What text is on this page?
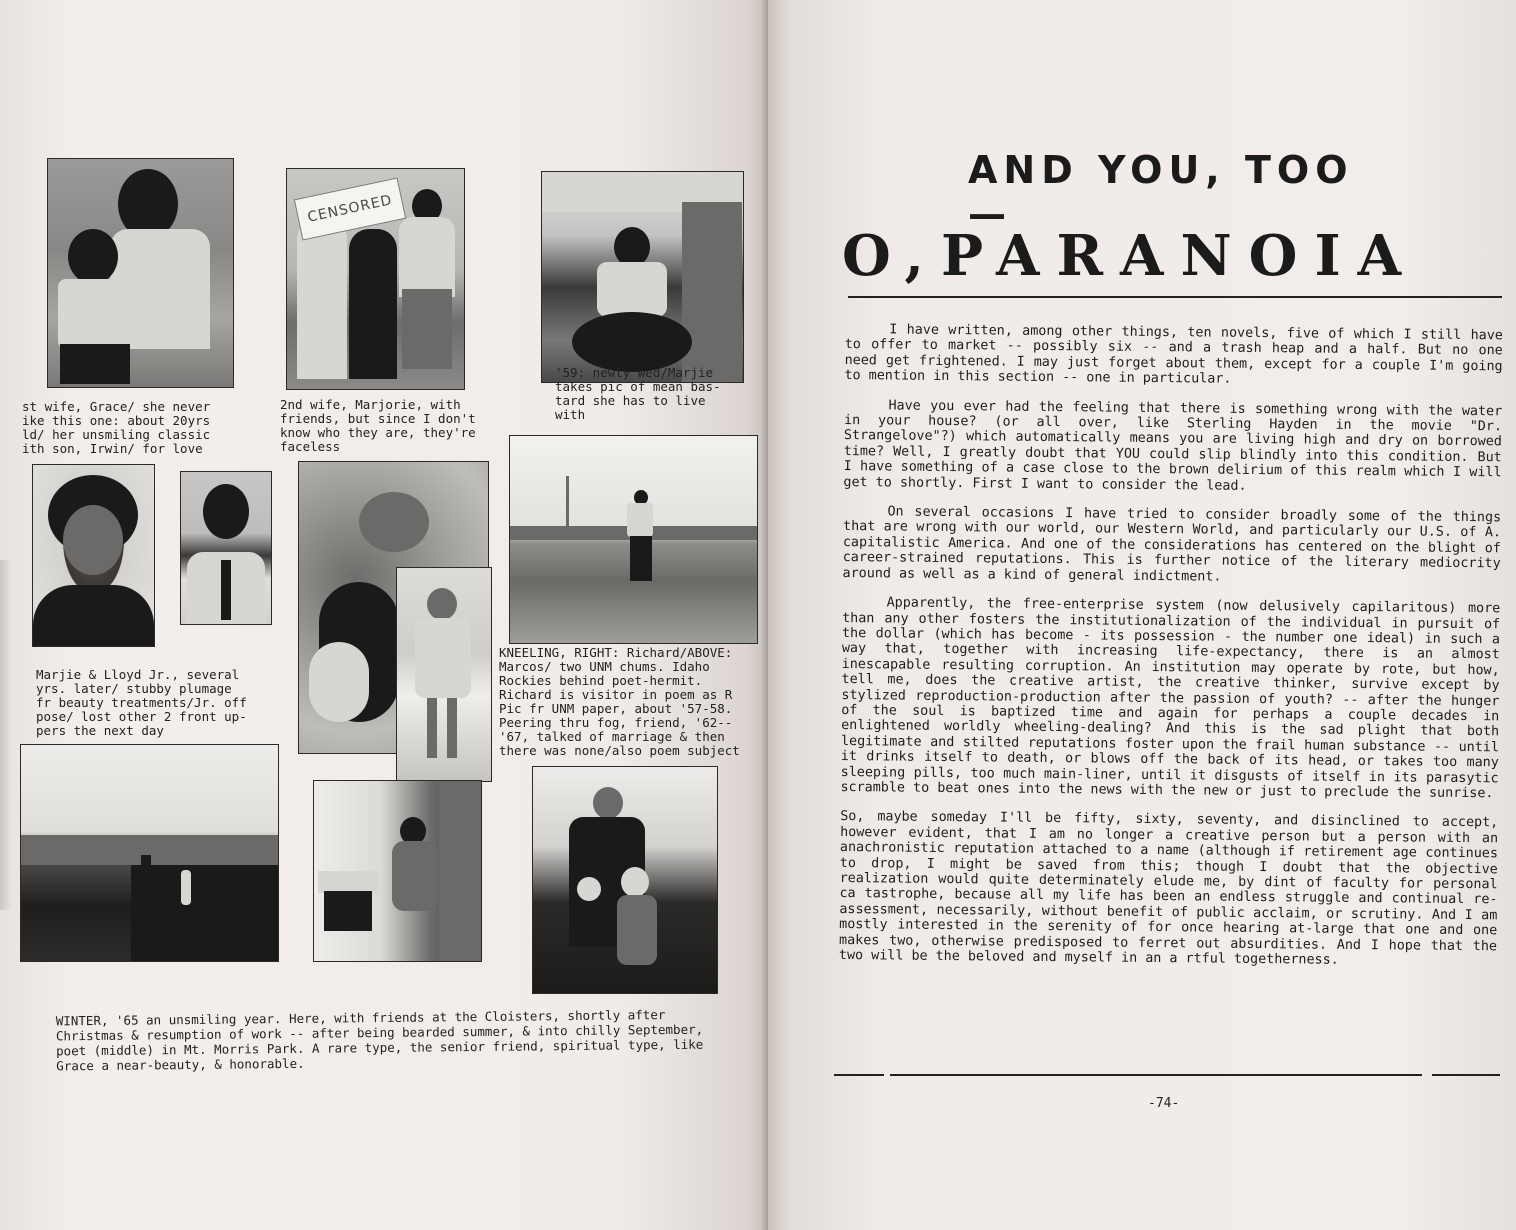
CENSORED
st wife, Grace/ she never
ike this one: about 20yrs
ld/ her unsmiling classic
ith son, Irwin/ for love
2nd wife, Marjorie, with
friends, but since I don't
know who they are, they're
faceless
'59: newly wed/Marjie
takes pic of mean bas-
tard she has to live
with
Marjie & Lloyd Jr., several
yrs. later/ stubby plumage
fr beauty treatments/Jr. off
pose/ lost other 2 front up-
pers the next day
KNEELING, RIGHT: Richard/ABOVE:
Marcos/ two UNM chums. Idaho
Rockies behind poet-hermit.
Richard is visitor in poem as R
Pic fr UNM paper, about '57-58.
Peering thru fog, friend, '62--
'67, talked of marriage & then
there was none/also poem subject
WINTER, '65 an unsmiling year. Here, with friends at the Cloisters, shortly after Christmas & resumption of work -- after being bearded summer, & into chilly September, poet (middle) in Mt. Morris Park. A rare type, the senior friend, spiritual type, like Grace a near-beauty, & honorable.
AND YOU, TOO —
O,PARANOIA

I have written, among other things, ten novels, five of which I still have to offer to market -- possibly six -- and a trash heap and a half. But no one need get frightened. I may just forget about them, except for a couple I'm going to mention in this section -- one in particular.

Have you ever had the feeling that there is something wrong with the water in your house? (or all over, like Sterling Hayden in the movie "Dr. Strangelove"?) which automatically means you are living high and dry on borrowed time? Well, I greatly doubt that YOU could slip blindly into this condition. But I have something of a case close to the brown delirium of this realm which I will get to shortly. First I want to consider the lead.

On several occasions I have tried to consider broadly some of the things that are wrong with our world, our Western World, and particularly our U.S. of A. capitalistic America. And one of the considerations has centered on the blight of career-strained reputations. This is further notice of the literary mediocrity around as well as a kind of general indictment.

Apparently, the free-enterprise system (now delusively capilaritous) more than any other fosters the institutionalization of the individual in pursuit of the dollar (which has become - its possession - the number one ideal) in such a way that, together with increasing life-expectancy, there is an almost inescapable resulting corruption. An institution may operate by rote, but how, tell me, does the creative artist, the creative thinker, survive except by stylized reproduction-production after the passion of youth? -- after the hunger of the soul is baptized time and again for perhaps a couple decades in enlightened worldly wheeling-dealing? And this is the sad plight that both legitimate and stilted reputations foster upon the frail human substance -- until it drinks itself to death, or blows off the back of its head, or takes too many sleeping pills, too much main-liner, until it disgusts of itself in its parasytic scramble to beat ones into the news with the new or just to preclude the sunrise.

So, maybe someday I'll be fifty, sixty, seventy, and disinclined to accept, however evident, that I am no longer a creative person but a person with an anachronistic reputation attached to a name (although if retirement age continues to drop, I might be saved from this; though I doubt that the objective realization would quite determinately elude me, by dint of faculty for personal ca tastrophe, because all my life has been an endless struggle and continual re-assessment, necessarily, without benefit of public acclaim, or scrutiny. And I am mostly interested in the serenity of for once hearing at-large that one and one makes two, otherwise predisposed to ferret out absurdities. And I hope that the two will be the beloved and myself in an a rtful togetherness.

-74-
